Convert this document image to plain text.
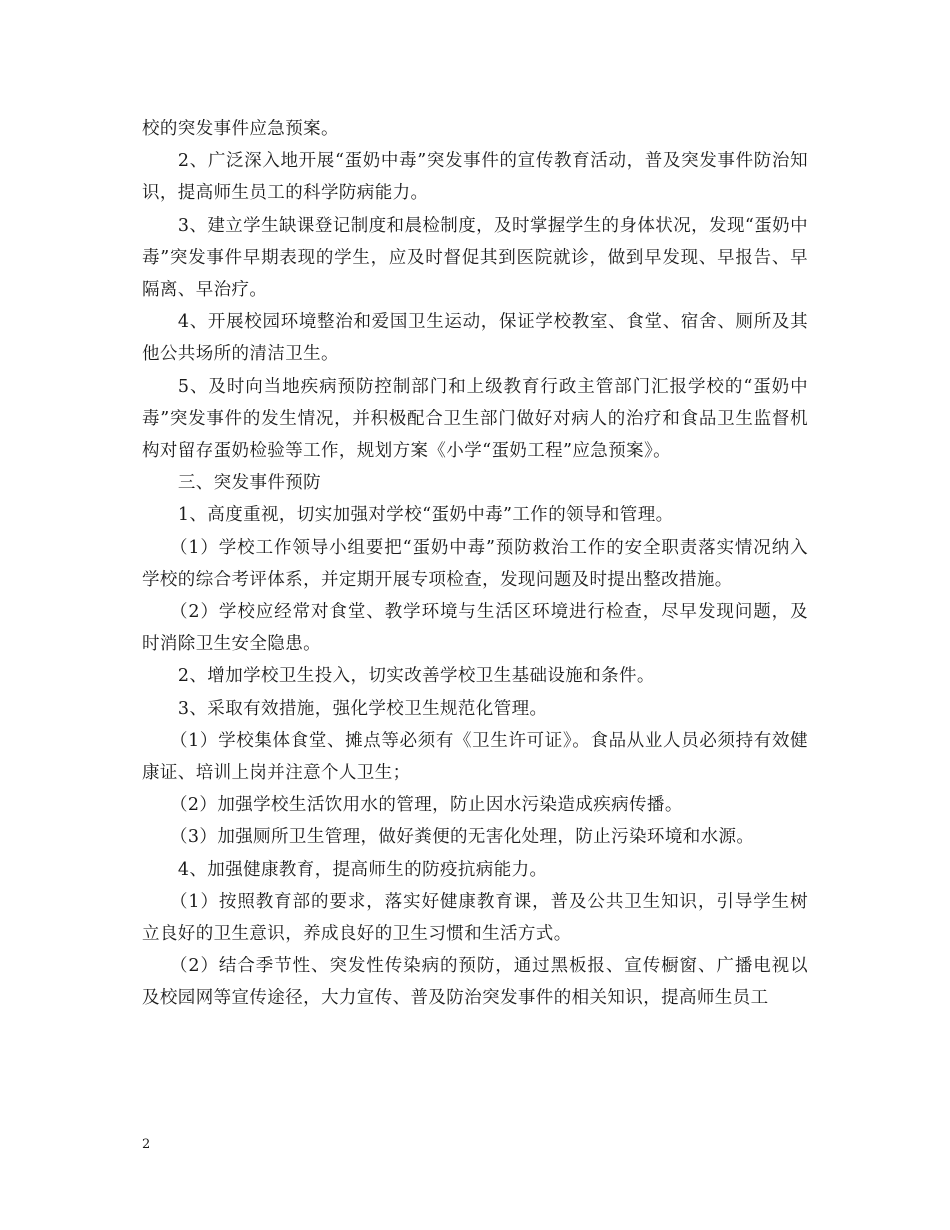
校的突发事件应急预案。

2、广泛深入地开展“蛋奶中毒”突发事件的宣传教育活动，普及突发事件防治知识，提高师生员工的科学防病能力。

3、建立学生缺课登记制度和晨检制度，及时掌握学生的身体状况，发现“蛋奶中毒”突发事件早期表现的学生，应及时督促其到医院就诊，做到早发现、早报告、早隔离、早治疗。

4、开展校园环境整治和爱国卫生运动，保证学校教室、食堂、宿舍、厕所及其他公共场所的清洁卫生。

5、及时向当地疾病预防控制部门和上级教育行政主管部门汇报学校的“蛋奶中毒”突发事件的发生情况，并积极配合卫生部门做好对病人的治疗和食品卫生监督机构对留存蛋奶检验等工作，规划方案《小学“蛋奶工程”应急预案》。

三、突发事件预防

1、高度重视，切实加强对学校“蛋奶中毒”工作的领导和管理。

（1）学校工作领导小组要把“蛋奶中毒”预防救治工作的安全职责落实情况纳入学校的综合考评体系，并定期开展专项检查，发现问题及时提出整改措施。

（2）学校应经常对食堂、教学环境与生活区环境进行检查，尽早发现问题，及时消除卫生安全隐患。

2、增加学校卫生投入，切实改善学校卫生基础设施和条件。

3、采取有效措施，强化学校卫生规范化管理。

（1）学校集体食堂、摊点等必须有《卫生许可证》。食品从业人员必须持有效健康证、培训上岗并注意个人卫生；

（2）加强学校生活饮用水的管理，防止因水污染造成疾病传播。

（3）加强厕所卫生管理，做好粪便的无害化处理，防止污染环境和水源。

4、加强健康教育，提高师生的防疫抗病能力。

（1）按照教育部的要求，落实好健康教育课，普及公共卫生知识，引导学生树立良好的卫生意识，养成良好的卫生习惯和生活方式。

（2）结合季节性、突发性传染病的预防，通过黑板报、宣传橱窗、广播电视以及校园网等宣传途径，大力宣传、普及防治突发事件的相关知识，提高师生员工

2
